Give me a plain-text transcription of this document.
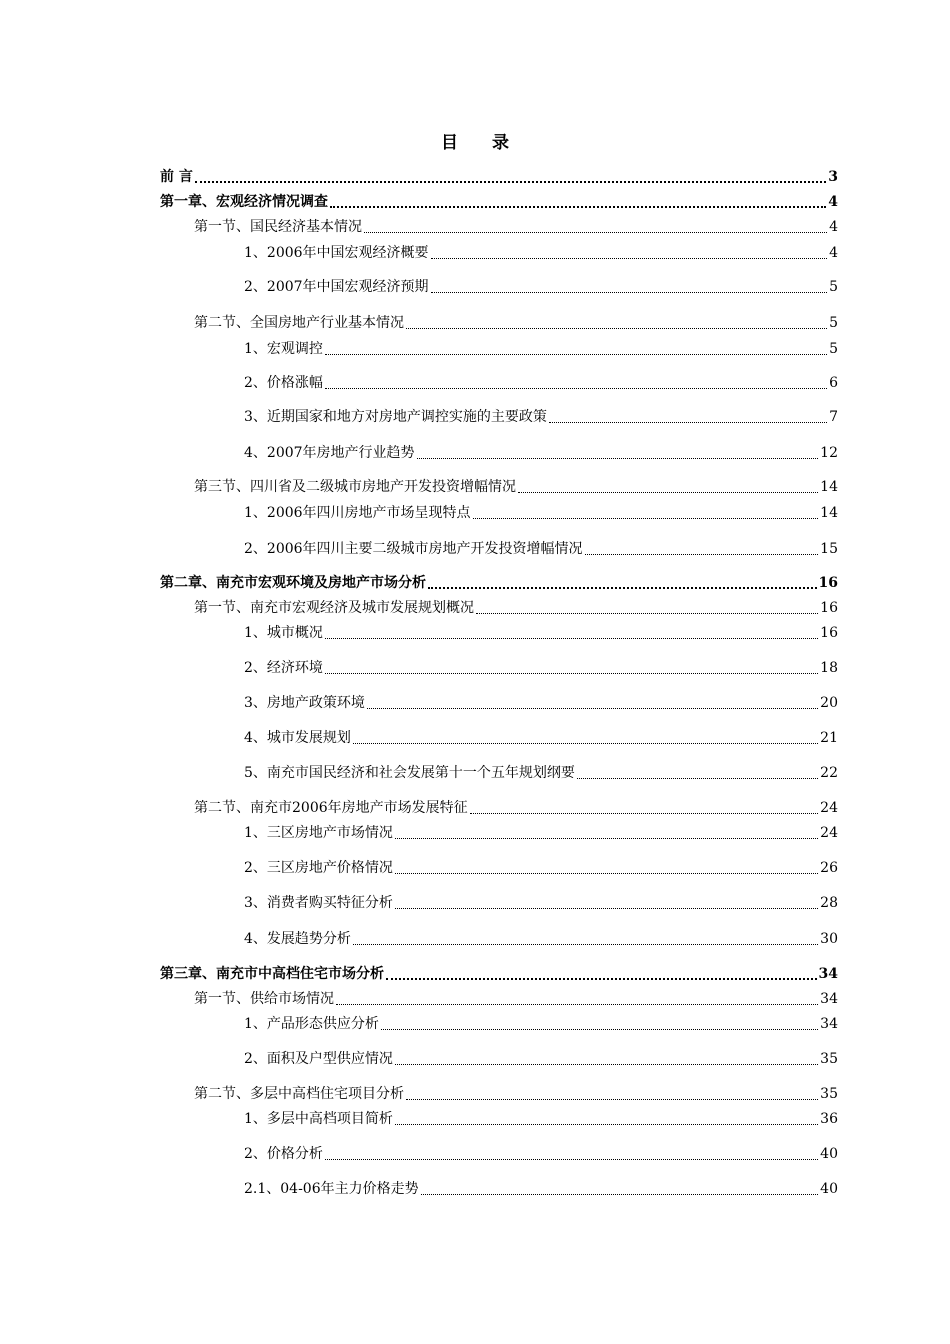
目 录
前 言	3
第一章、宏观经济情况调查	4
第一节、国民经济基本情况	4
1、2006年中国宏观经济概要	4
2、2007年中国宏观经济预期	5
第二节、全国房地产行业基本情况	5
1、宏观调控	5
2、价格涨幅	6
3、近期国家和地方对房地产调控实施的主要政策	7
4、2007年房地产行业趋势	12
第三节、四川省及二级城市房地产开发投资增幅情况	14
1、2006年四川房地产市场呈现特点	14
2、2006年四川主要二级城市房地产开发投资增幅情况	15
第二章、南充市宏观环境及房地产市场分析	16
第一节、南充市宏观经济及城市发展规划概况	16
1、城市概况	16
2、经济环境	18
3、房地产政策环境	20
4、城市发展规划	21
5、南充市国民经济和社会发展第十一个五年规划纲要	22
第二节、南充市2006年房地产市场发展特征	24
1、三区房地产市场情况	24
2、三区房地产价格情况	26
3、消费者购买特征分析	28
4、发展趋势分析	30
第三章、南充市中高档住宅市场分析	34
第一节、供给市场情况	34
1、产品形态供应分析	34
2、面积及户型供应情况	35
第二节、多层中高档住宅项目分析	35
1、多层中高档项目简析	36
2、价格分析	40
2.1、04-06年主力价格走势	40
